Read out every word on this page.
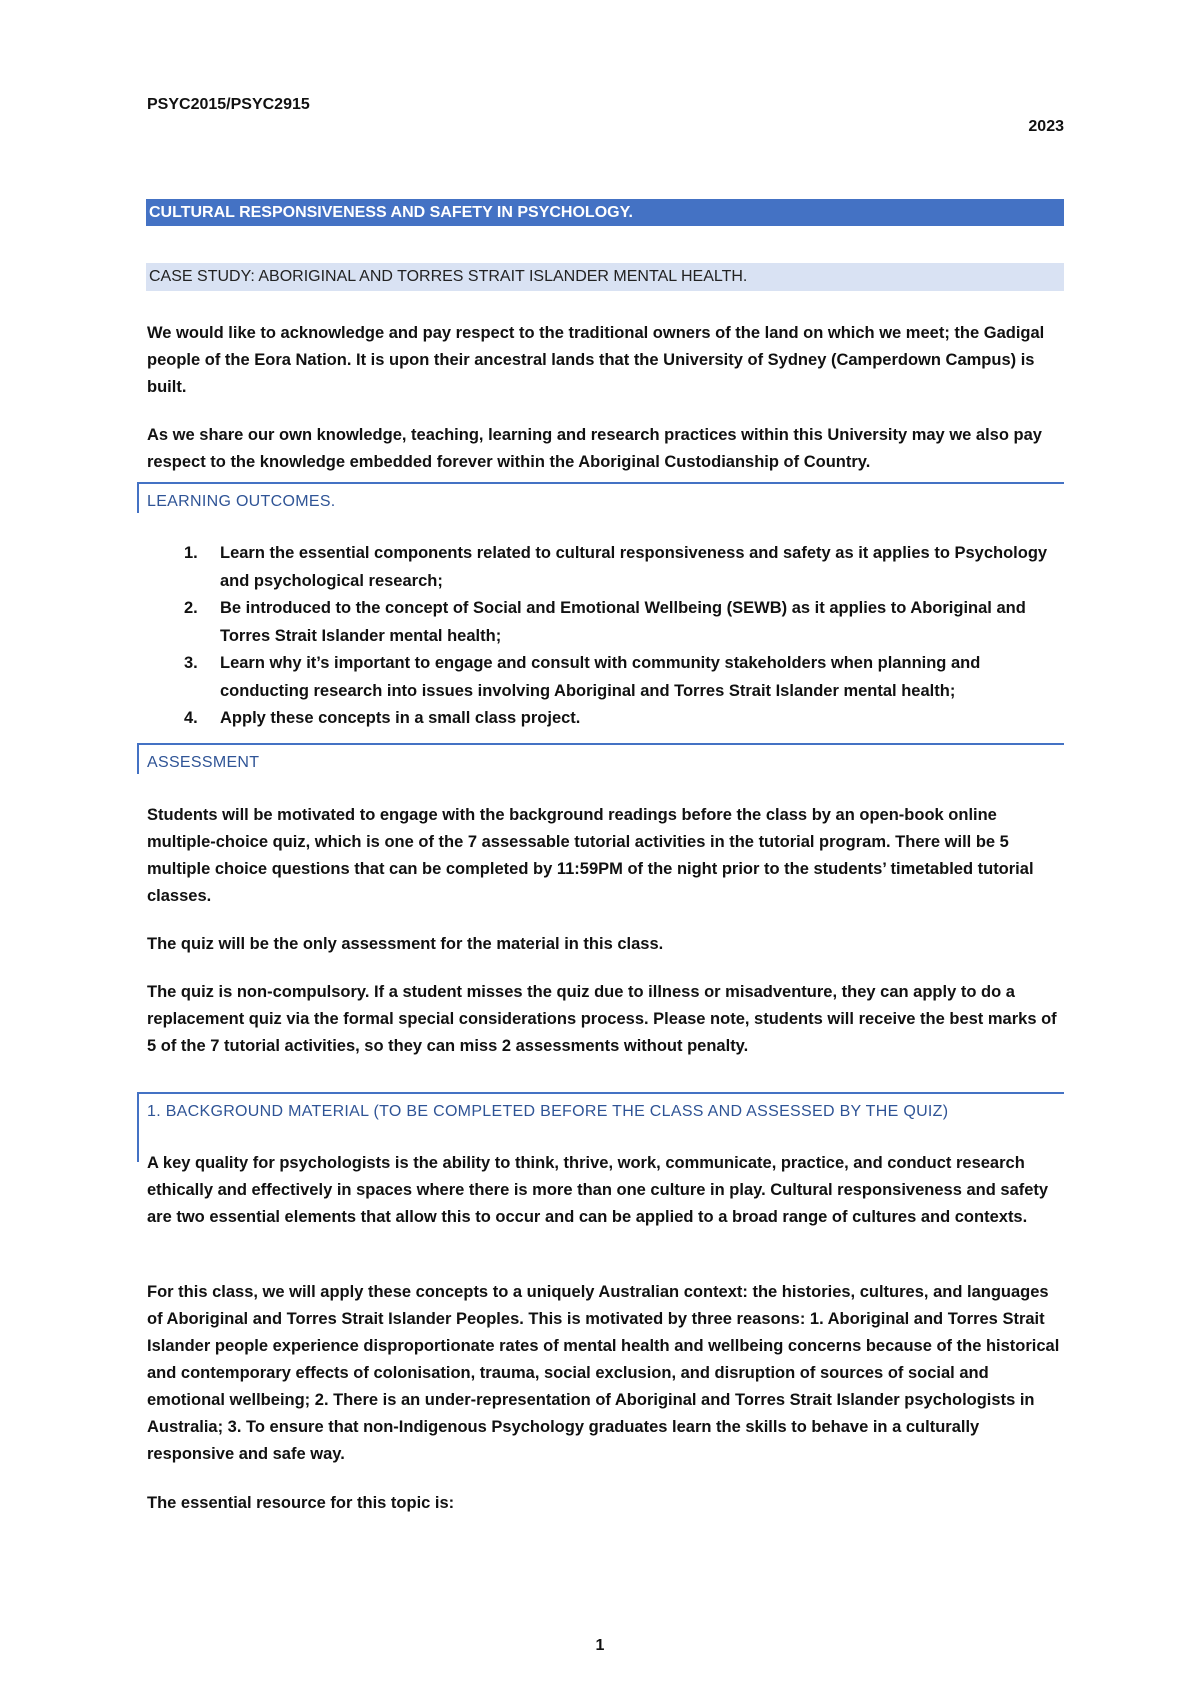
PSYC2015/PSYC2915
2023
CULTURAL RESPONSIVENESS AND SAFETY IN PSYCHOLOGY.
CASE STUDY: ABORIGINAL AND TORRES STRAIT ISLANDER MENTAL HEALTH.

We would like to acknowledge and pay respect to the traditional owners of the land on which we meet; the Gadigal people of the Eora Nation. It is upon their ancestral lands that the University of Sydney (Camperdown Campus) is built.

As we share our own knowledge, teaching, learning and research practices within this University may we also pay respect to the knowledge embedded forever within the Aboriginal Custodianship of Country.

LEARNING OUTCOMES.
1. Learn the essential components related to cultural responsiveness and safety as it applies to Psychology and psychological research;
2. Be introduced to the concept of Social and Emotional Wellbeing (SEWB) as it applies to Aboriginal and Torres Strait Islander mental health;
3. Learn why it’s important to engage and consult with community stakeholders when planning and conducting research into issues involving Aboriginal and Torres Strait Islander mental health;
4. Apply these concepts in a small class project.
ASSESSMENT

Students will be motivated to engage with the background readings before the class by an open-book online multiple-choice quiz, which is one of the 7 assessable tutorial activities in the tutorial program. There will be 5 multiple choice questions that can be completed by 11:59PM of the night prior to the students’ timetabled tutorial classes.

The quiz will be the only assessment for the material in this class.

The quiz is non-compulsory. If a student misses the quiz due to illness or misadventure, they can apply to do a replacement quiz via the formal special considerations process. Please note, students will receive the best marks of 5 of the 7 tutorial activities, so they can miss 2 assessments without penalty.

1. BACKGROUND MATERIAL (TO BE COMPLETED BEFORE THE CLASS AND ASSESSED BY THE QUIZ)

A key quality for psychologists is the ability to think, thrive, work, communicate, practice, and conduct research ethically and effectively in spaces where there is more than one culture in play. Cultural responsiveness and safety are two essential elements that allow this to occur and can be applied to a broad range of cultures and contexts.

For this class, we will apply these concepts to a uniquely Australian context: the histories, cultures, and languages of Aboriginal and Torres Strait Islander Peoples. This is motivated by three reasons: 1. Aboriginal and Torres Strait Islander people experience disproportionate rates of mental health and wellbeing concerns because of the historical and contemporary effects of colonisation, trauma, social exclusion, and disruption of sources of social and emotional wellbeing; 2. There is an under-representation of Aboriginal and Torres Strait Islander psychologists in Australia; 3. To ensure that non-Indigenous Psychology graduates learn the skills to behave in a culturally responsive and safe way.

The essential resource for this topic is:

1
